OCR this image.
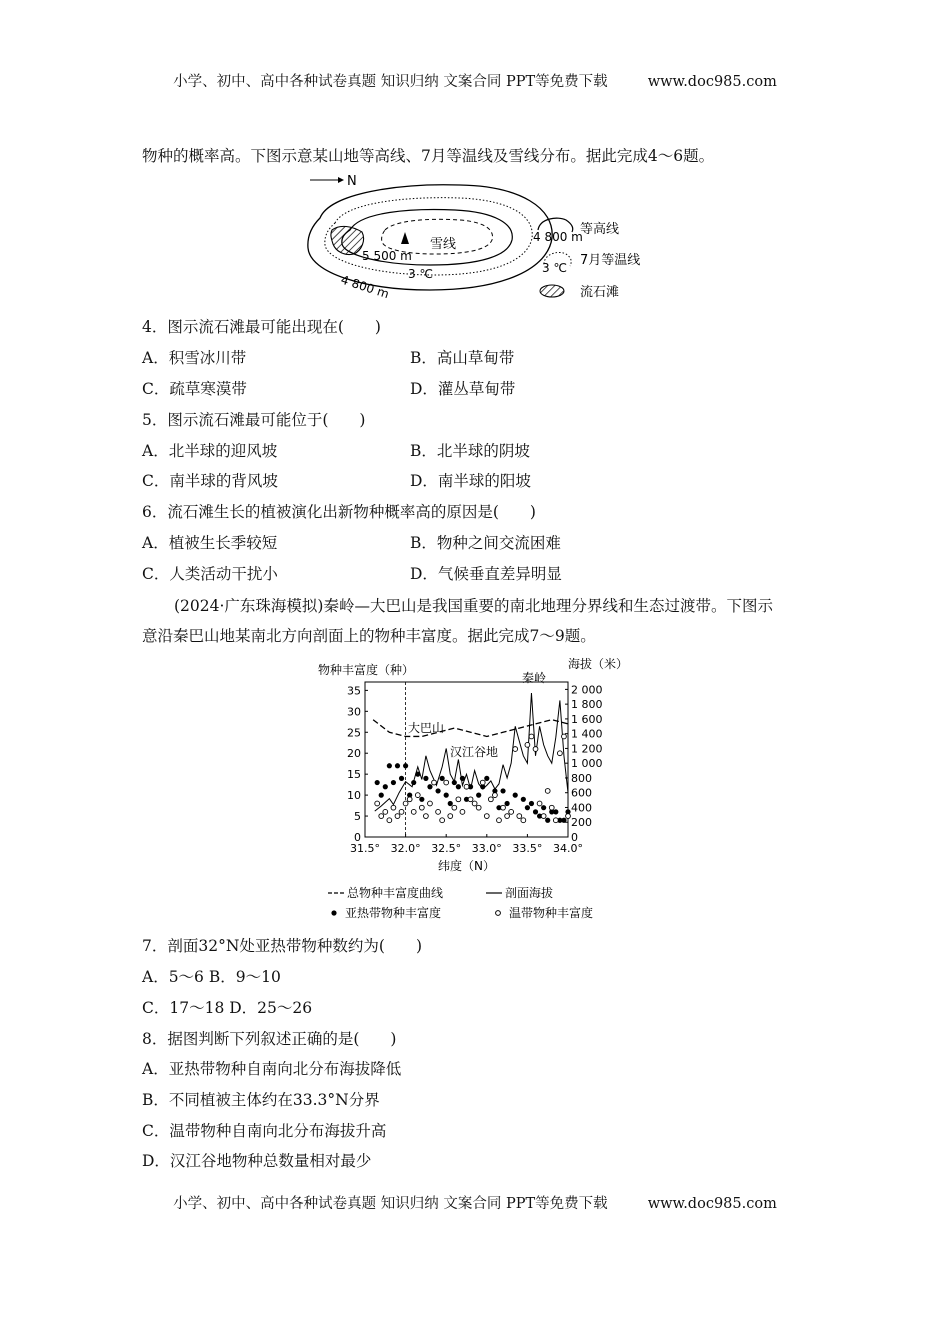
小学、初中、高中各种试卷真题 知识归纳 文案合同 PPT等免费下载	www.doc985.com
物种的概率高。下图示意某山地等高线、7月等温线及雪线分布。据此完成4～6题。
N
雪线
5 500 m
3 ℃
4 800 m
4 800 m
等高线
3 ℃ 7月等温线
流石滩
4．图示流石滩最可能出现在(　　)
A．积雪冰川带	B．高山草甸带
C．疏草寒漠带	D．灌丛草甸带
5．图示流石滩最可能位于(　　)
A．北半球的迎风坡	B．北半球的阴坡
C．南半球的背风坡	D．南半球的阳坡
6．流石滩生长的植被演化出新物种概率高的原因是(　　)
A．植被生长季较短	B．物种之间交流困难
C．人类活动干扰小	D．气候垂直差异明显
(2024·广东珠海模拟)秦岭—大巴山是我国重要的南北地理分界线和生态过渡带。下图示
意沿秦巴山地某南北方向剖面上的物种丰富度。据此完成7～9题。
物种丰富度（种）	海拔（米）
0
5
10
15
20
25
30
35
0
200
400
600
800
1 000
1 200
1 400
1 600
1 800
2 000
31.5° 32.0° 32.5° 33.0° 33.5° 34.0°
纬度（N）
大巴山
汉江谷地
秦岭
总物种丰富度曲线	剖面海拔
亚热带物种丰富度	温带物种丰富度
7．剖面32°N处亚热带物种数约为(　　)
A．5～6 B．9～10
C．17～18 D．25～26
8．据图判断下列叙述正确的是(　　)
A．亚热带物种自南向北分布海拔降低
B．不同植被主体约在33.3°N分界
C．温带物种自南向北分布海拔升高
D．汉江谷地物种总数量相对最少
小学、初中、高中各种试卷真题 知识归纳 文案合同 PPT等免费下载	www.doc985.com
